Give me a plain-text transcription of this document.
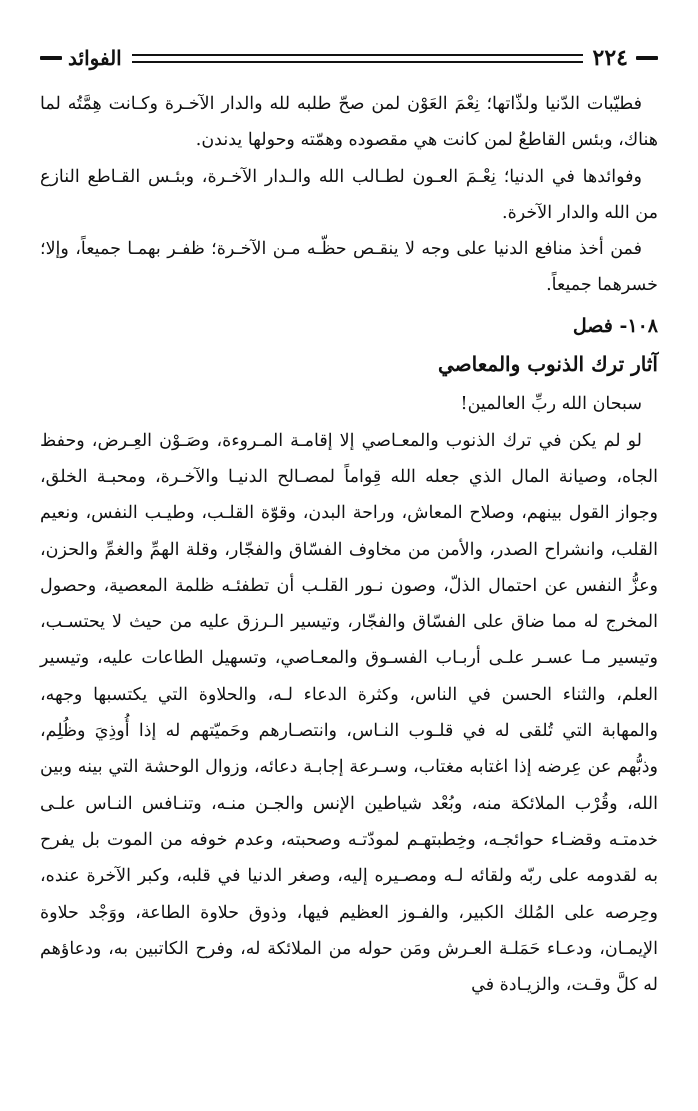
٢٢٤
الفوائد

فطيّبات الدّنيا ولذّاتها؛ نِعْمَ العَوْن لمن صحّ طلبه لله والدار الآخـرة وكـانت هِمَّتُه لما هناك، وبئس القاطعُ لمن كانت هي مقصوده وهمّته وحولها يدندن.

وفوائدها في الدنيا؛ نِعْـمَ العـون لطـالب الله والـدار الآخـرة، وبئـس القـاطع النازع من الله والدار الآخرة.

فمن أخذ منافع الدنيا على وجه لا ينقـص حظّـه مـن الآخـرة؛ ظفـر بهمـا جميعاً، وإلا؛ خسرهما جميعاً.

١٠٨- فصل
آثار ترك الذنوب والمعاصي

سبحان الله ربِّ العالمين!

لو لم يكن في ترك الذنوب والمعـاصي إلا إقامـة المـروءة، وصَـوْن العِـرض، وحفظ الجاه، وصيانة المال الذي جعله الله قِواماً لمصـالح الدنيـا والآخـرة، ومحبـة الخلق، وجواز القول بينهم، وصلاح المعاش، وراحة البدن، وقوّة القلـب، وطيـب النفس، ونعيم القلب، وانشراح الصدر، والأمن من مخاوف الفسّاق والفجّار، وقلة الهمِّ والغمِّ والحزن، وعزُّ النفس عن احتمال الذلّ، وصون نـور القلـب أن تطفئـه ظلمة المعصية، وحصول المخرج له مما ضاق على الفسّاق والفجّار، وتيسير الـرزق عليه من حيث لا يحتسـب، وتيسير مـا عسـر علـى أربـاب الفسـوق والمعـاصي، وتسهيل الطاعات عليه، وتيسير العلم، والثناء الحسن في الناس، وكثرة الدعاء لـه، والحلاوة التي يكتسبها وجهه، والمهابة التي تُلقى له في قلـوب النـاس، وانتصـارهم وحَميّتهم له إذا أُوذِيَ وظُلِم، وذبُّهم عن عِرضه إذا اغتابه مغتاب، وسـرعة إجابـة دعائه، وزوال الوحشة التي بينه وبين الله، وقُرْب الملائكة منه، وبُعْد شياطين الإنس والجـن منـه، وتنـافس النـاس علـى خدمتـه وقضـاء حوائجـه، وخِطبتهـم لمودّتـه وصحبته، وعدم خوفه من الموت بل يفرح به لقدومه على ربّه ولقائه لـه ومصـيره إليه، وصغر الدنيا في قلبه، وكبر الآخرة عنده، وحِرصه على المُلك الكبير، والفـوز العظيم فيها، وذوق حلاوة الطاعة، ووَجْد حلاوة الإيمـان، ودعـاء حَمَلـة العـرش ومَن حوله من الملائكة له، وفرح الكاتبين به، ودعاؤهم له كلَّ وقـت، والزيـادة في
